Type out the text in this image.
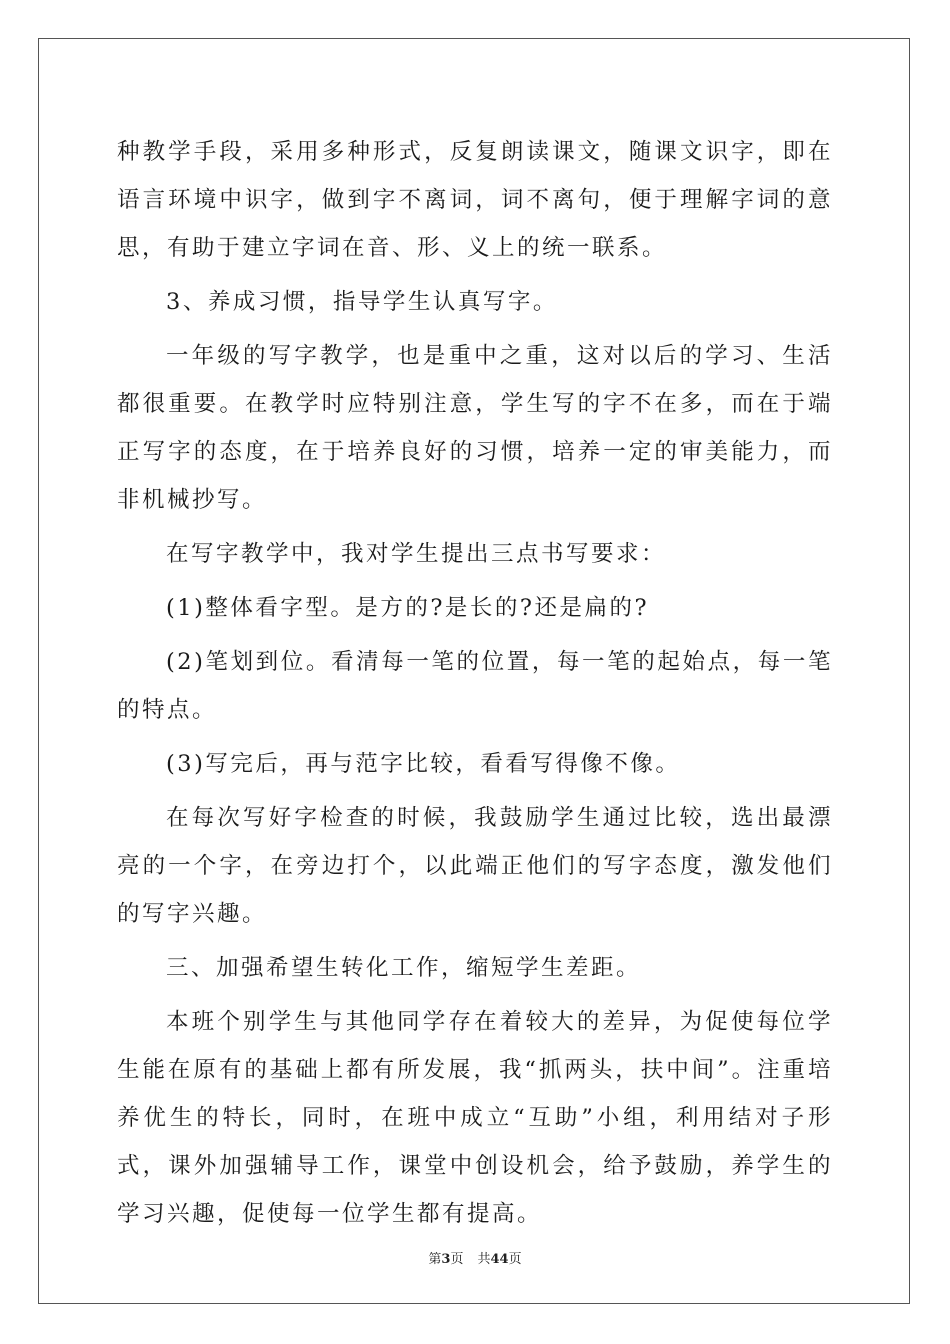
种教学手段，采用多种形式，反复朗读课文，随课文识字，即在语言环境中识字，做到字不离词，词不离句，便于理解字词的意思，有助于建立字词在音、形、义上的统一联系。

3、养成习惯，指导学生认真写字。

一年级的写字教学，也是重中之重，这对以后的学习、生活都很重要。在教学时应特别注意，学生写的字不在多，而在于端正写字的态度，在于培养良好的习惯，培养一定的审美能力，而非机械抄写。

在写字教学中，我对学生提出三点书写要求：

(1)整体看字型。是方的?是长的?还是扁的?

(2)笔划到位。看清每一笔的位置，每一笔的起始点，每一笔的特点。

(3)写完后，再与范字比较，看看写得像不像。

在每次写好字检查的时候，我鼓励学生通过比较，选出最漂亮的一个字，在旁边打个，以此端正他们的写字态度，激发他们的写字兴趣。

三、加强希望生转化工作，缩短学生差距。

本班个别学生与其他同学存在着较大的差异，为促使每位学生能在原有的基础上都有所发展，我“抓两头，扶中间”。注重培养优生的特长，同时，在班中成立“互助”小组，利用结对子形式，课外加强辅导工作，课堂中创设机会，给予鼓励，养学生的学习兴趣，促使每一位学生都有提高。

第3页 共44页
